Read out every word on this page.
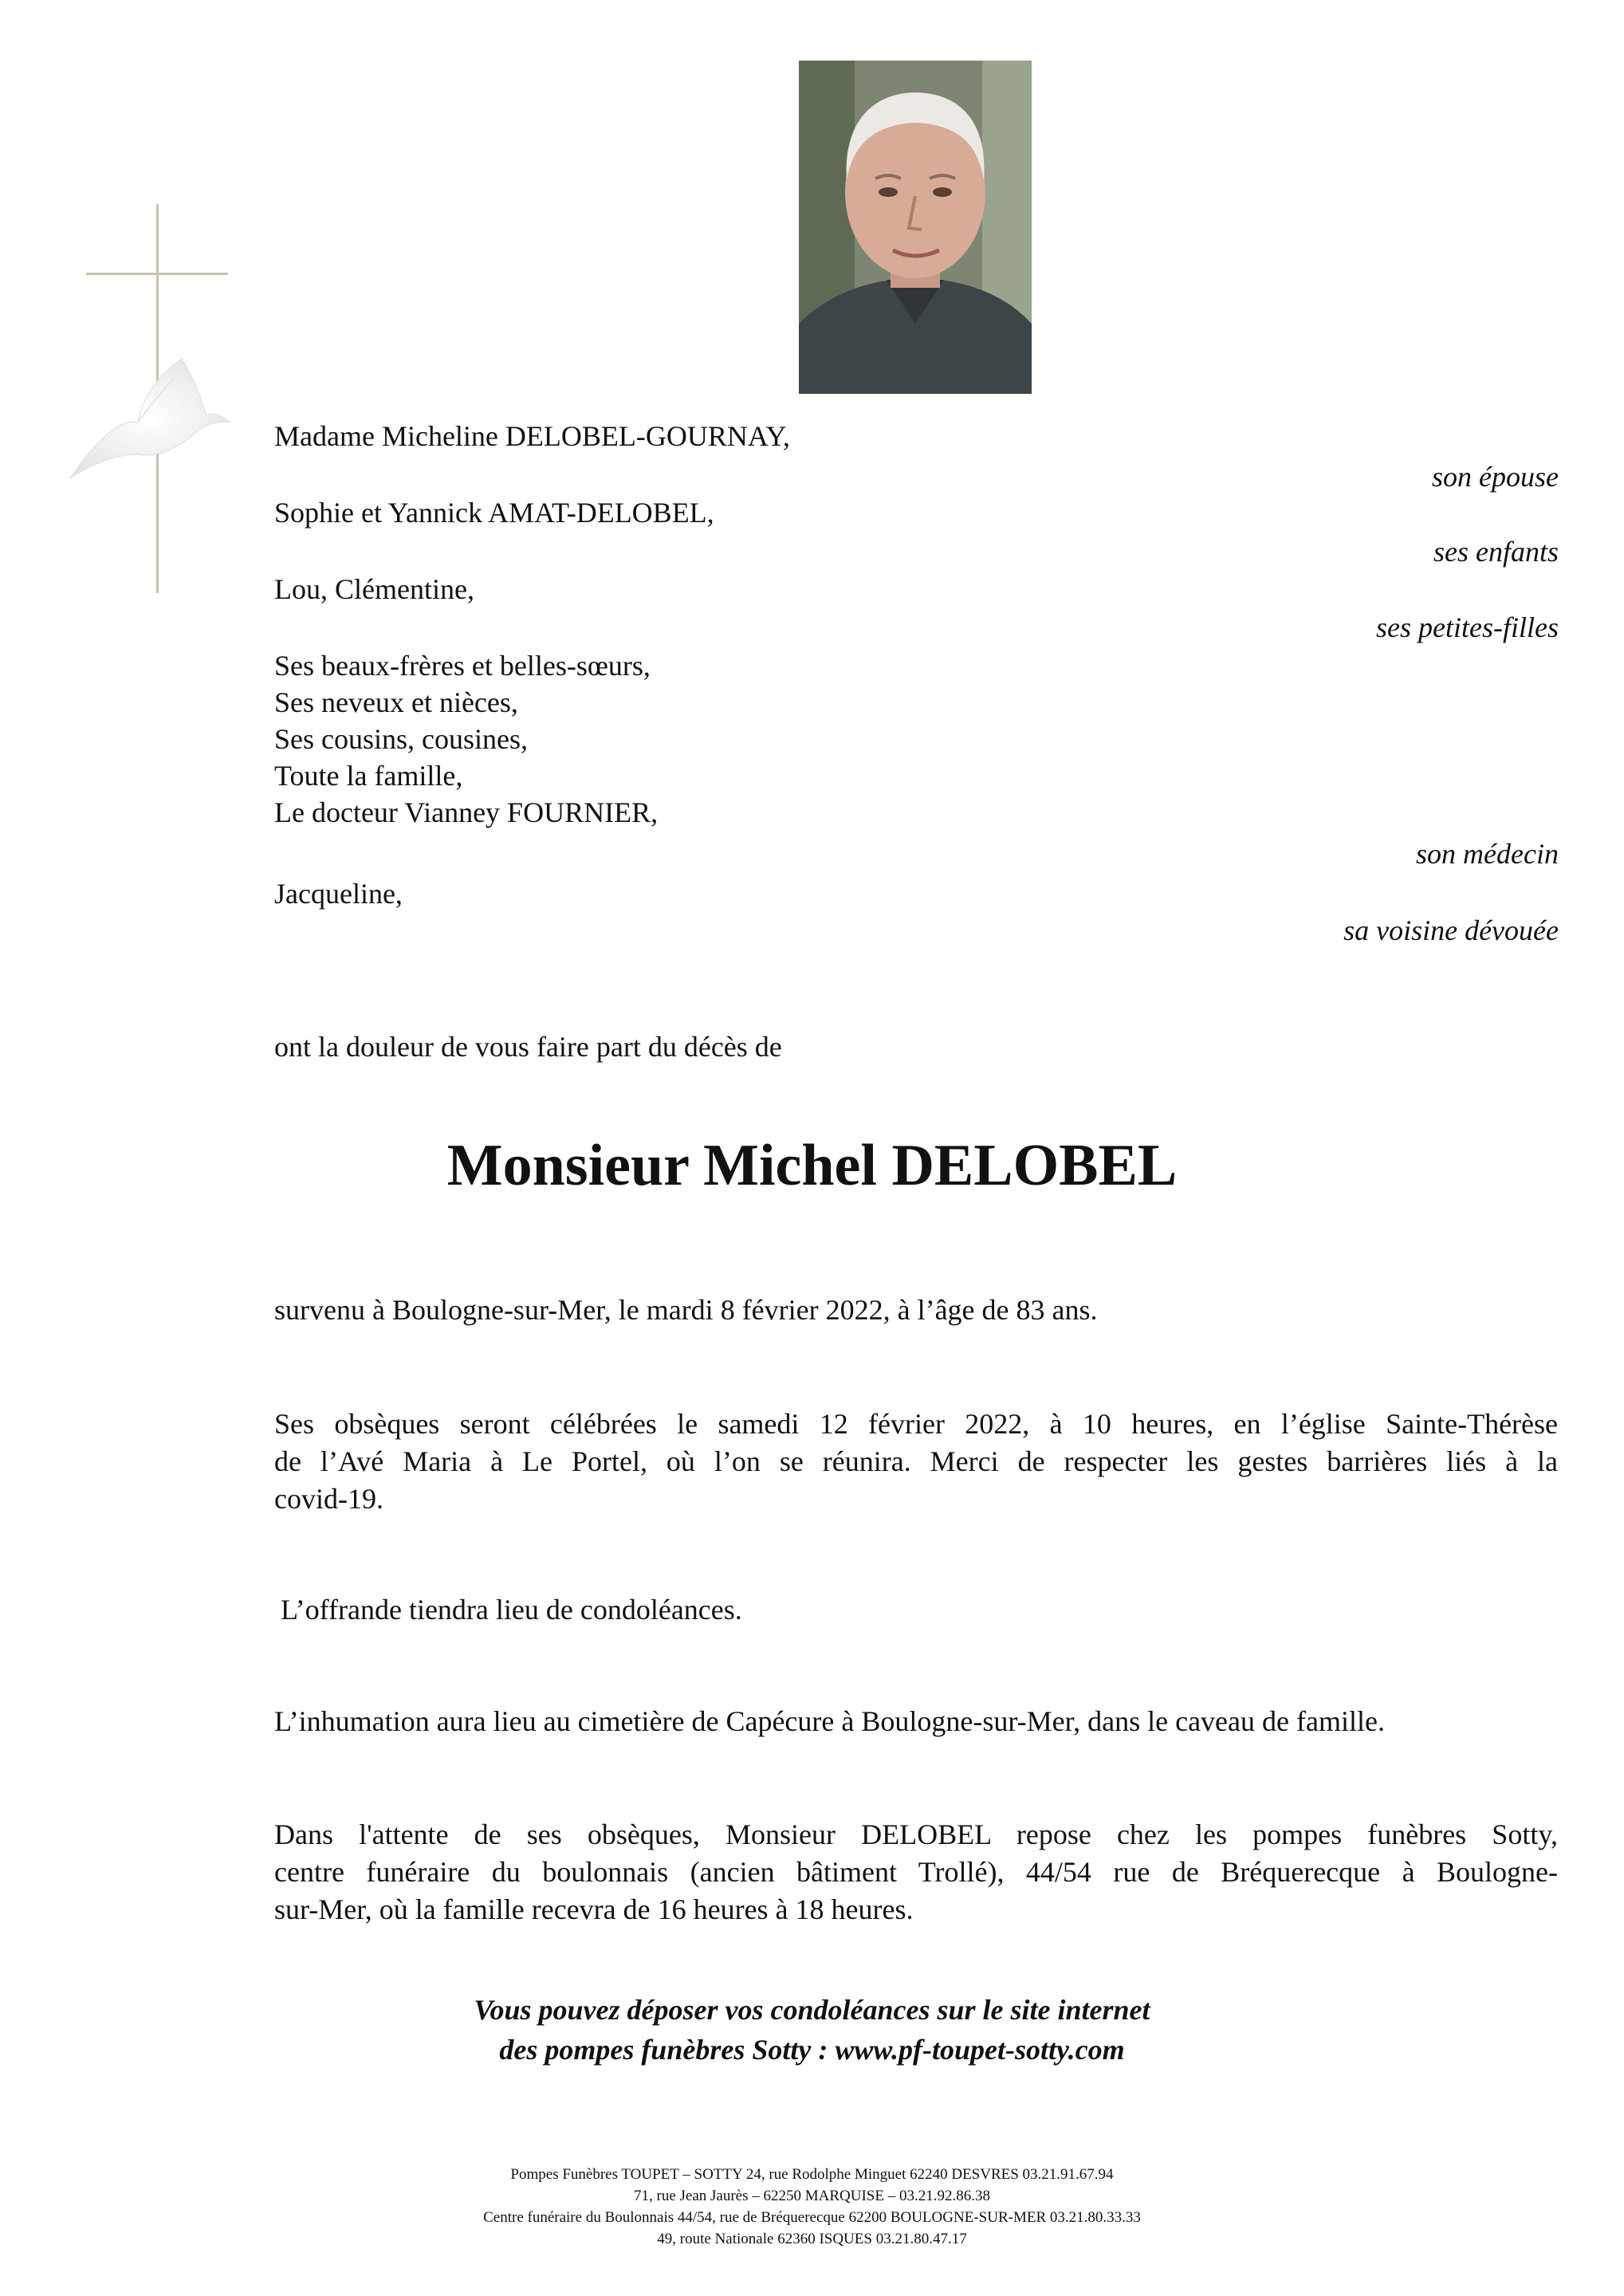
Madame Micheline DELOBEL-GOURNAY,
son épouse
Sophie et Yannick AMAT-DELOBEL,
ses enfants
Lou, Clémentine,
ses petites-filles
Ses beaux-frères et belles-sœurs,
Ses neveux et nièces,
Ses cousins, cousines,
Toute la famille,
Le docteur Vianney FOURNIER,
son médecin
Jacqueline,
sa voisine dévouée
ont la douleur de vous faire part du décès de
Monsieur Michel DELOBEL
survenu à Boulogne-sur-Mer, le mardi 8 février 2022, à l’âge de 83 ans.
Ses obsèques seront célébrées le samedi 12 février 2022, à 10 heures, en l’église Sainte-Thérèse
de l’Avé Maria à Le Portel, où l’on se réunira. Merci de respecter les gestes barrières liés à la
covid-19.
L’offrande tiendra lieu de condoléances.
L’inhumation aura lieu au cimetière de Capécure à Boulogne-sur-Mer, dans le caveau de famille.
Dans l'attente de ses obsèques, Monsieur DELOBEL repose chez les pompes funèbres Sotty,
centre funéraire du boulonnais (ancien bâtiment Trollé), 44/54 rue de Bréquerecque à Boulogne-
sur-Mer, où la famille recevra de 16 heures à 18 heures.
Vous pouvez déposer vos condoléances sur le site internet
des pompes funèbres Sotty : www.pf-toupet-sotty.com
Pompes Funèbres TOUPET – SOTTY 24, rue Rodolphe Minguet 62240 DESVRES 03.21.91.67.94
71, rue Jean Jaurès – 62250 MARQUISE – 03.21.92.86.38
Centre funéraire du Boulonnais 44/54, rue de Bréquerecque 62200 BOULOGNE-SUR-MER 03.21.80.33.33
49, route Nationale 62360 ISQUES 03.21.80.47.17
